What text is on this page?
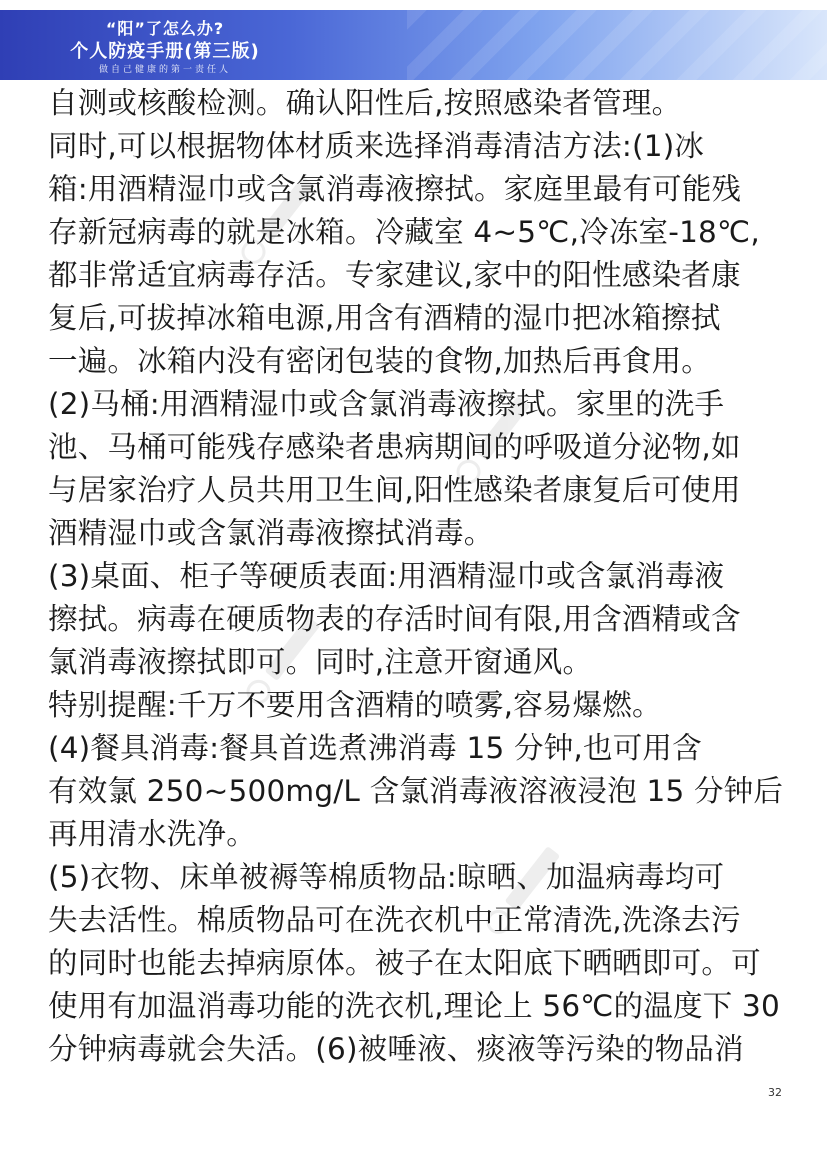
“阳”了怎么办?
个人防疫手册(第三版)
做自己健康的第一责任人
自测或核酸检测。确认阳性后,按照感染者管理。
同时,可以根据物体材质来选择消毒清洁方法:(1)冰
箱:用酒精湿巾或含氯消毒液擦拭。家庭里最有可能残
存新冠病毒的就是冰箱。冷藏室 4~5℃,冷冻室-18℃,
都非常适宜病毒存活。专家建议,家中的阳性感染者康
复后,可拔掉冰箱电源,用含有酒精的湿巾把冰箱擦拭
一遍。冰箱内没有密闭包装的食物,加热后再食用。
(2)马桶:用酒精湿巾或含氯消毒液擦拭。家里的洗手
池、马桶可能残存感染者患病期间的呼吸道分泌物,如
与居家治疗人员共用卫生间,阳性感染者康复后可使用
酒精湿巾或含氯消毒液擦拭消毒。
(3)桌面、柜子等硬质表面:用酒精湿巾或含氯消毒液
擦拭。病毒在硬质物表的存活时间有限,用含酒精或含
氯消毒液擦拭即可。同时,注意开窗通风。
特别提醒:千万不要用含酒精的喷雾,容易爆燃。
(4)餐具消毒:餐具首选煮沸消毒 15 分钟,也可用含
有效氯 250~500mg/L 含氯消毒液溶液浸泡 15 分钟后
再用清水洗净。
(5)衣物、床单被褥等棉质物品:晾晒、加温病毒均可
失去活性。棉质物品可在洗衣机中正常清洗,洗涤去污
的同时也能去掉病原体。被子在太阳底下晒晒即可。可
使用有加温消毒功能的洗衣机,理论上 56℃的温度下 30
分钟病毒就会失活。(6)被唾液、痰液等污染的物品消
32
